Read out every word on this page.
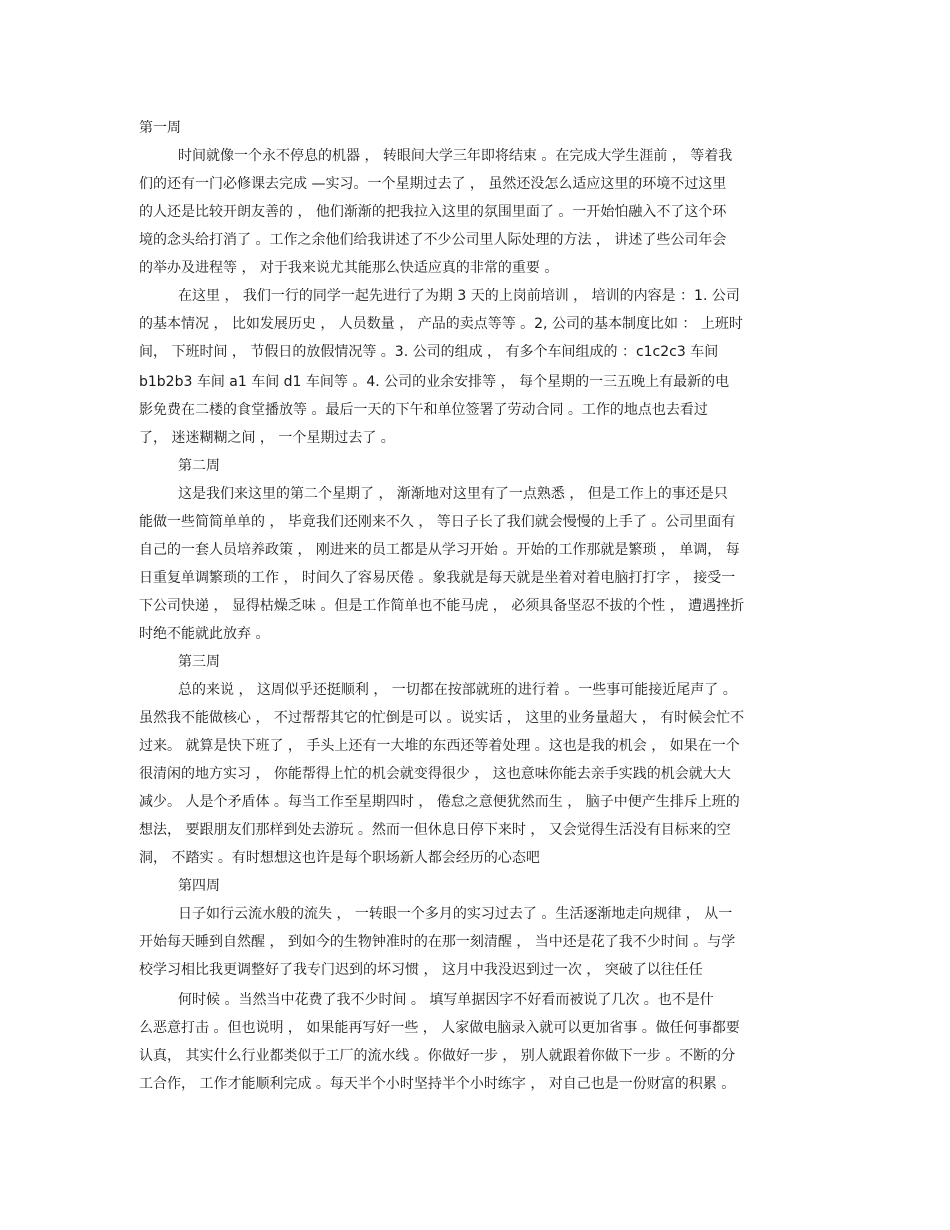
第一周
时间就像一个永不停息的机器 ， 转眼间大学三年即将结束 。在完成大学生涯前 ， 等着我
们的还有一门必修课去完成 —实习。一个星期过去了 ， 虽然还没怎么适应这里的环境不过这里
的人还是比较开朗友善的 ， 他们渐渐的把我拉入这里的氛围里面了 。一开始怕融入不了这个环
境的念头给打消了 。工作之余他们给我讲述了不少公司里人际处理的方法 ， 讲述了些公司年会
的举办及进程等 ， 对于我来说尤其能那么快适应真的非常的重要 。
在这里 ， 我们一行的同学一起先进行了为期 3 天的上岗前培训 ， 培训的内容是 ：1. 公司
的基本情况 ， 比如发展历史 ， 人员数量 ， 产品的卖点等等 。2, 公司的基本制度比如 ： 上班时
间， 下班时间 ， 节假日的放假情况等 。3. 公司的组成 ， 有多个车间组成的 ：c1c2c3 车间
b1b2b3 车间 a1 车间 d1 车间等 。4. 公司的业余安排等 ， 每个星期的一三五晚上有最新的电
影免费在二楼的食堂播放等 。最后一天的下午和单位签署了劳动合同 。工作的地点也去看过
了， 迷迷糊糊之间 ， 一个星期过去了 。
第二周
这是我们来这里的第二个星期了 ， 渐渐地对这里有了一点熟悉 ， 但是工作上的事还是只
能做一些简简单单的 ， 毕竟我们还刚来不久 ， 等日子长了我们就会慢慢的上手了 。公司里面有
自己的一套人员培养政策 ， 刚进来的员工都是从学习开始 。开始的工作那就是繁琐 ， 单调， 每
日重复单调繁琐的工作 ， 时间久了容易厌倦 。象我就是每天就是坐着对着电脑打打字 ， 接受一
下公司快递 ， 显得枯燥乏味 。但是工作简单也不能马虎 ， 必须具备坚忍不拔的个性 ， 遭遇挫折
时绝不能就此放弃 。
第三周
总的来说 ， 这周似乎还挺顺利 ， 一切都在按部就班的进行着 。一些事可能接近尾声了 。
虽然我不能做核心 ， 不过帮帮其它的忙倒是可以 。说实话 ， 这里的业务量超大 ， 有时候会忙不
过来。 就算是快下班了 ， 手头上还有一大堆的东西还等着处理 。这也是我的机会 ， 如果在一个
很清闲的地方实习 ， 你能帮得上忙的机会就变得很少 ， 这也意味你能去亲手实践的机会就大大
减少。 人是个矛盾体 。每当工作至星期四时 ， 倦怠之意便犹然而生 ， 脑子中便产生排斥上班的
想法， 要跟朋友们那样到处去游玩 。然而一但休息日停下来时 ， 又会觉得生活没有目标来的空
洞， 不踏实 。有时想想这也许是每个职场新人都会经历的心态吧
第四周
日子如行云流水般的流失 ， 一转眼一个多月的实习过去了 。生活逐渐地走向规律 ， 从一
开始每天睡到自然醒 ， 到如今的生物钟准时的在那一刻清醒 ， 当中还是花了我不少时间 。与学
校学习相比我更调整好了我专门迟到的坏习惯 ， 这月中我没迟到过一次 ， 突破了以往任任
何时候 。当然当中花费了我不少时间 。 填写单据因字不好看而被说了几次 。也不是什
么恶意打击 。但也说明 ， 如果能再写好一些 ， 人家做电脑录入就可以更加省事 。做任何事都要
认真， 其实什么行业都类似于工厂的流水线 。你做好一步 ， 别人就跟着你做下一步 。不断的分
工合作， 工作才能顺利完成 。每天半个小时坚持半个小时练字 ， 对自己也是一份财富的积累 。
